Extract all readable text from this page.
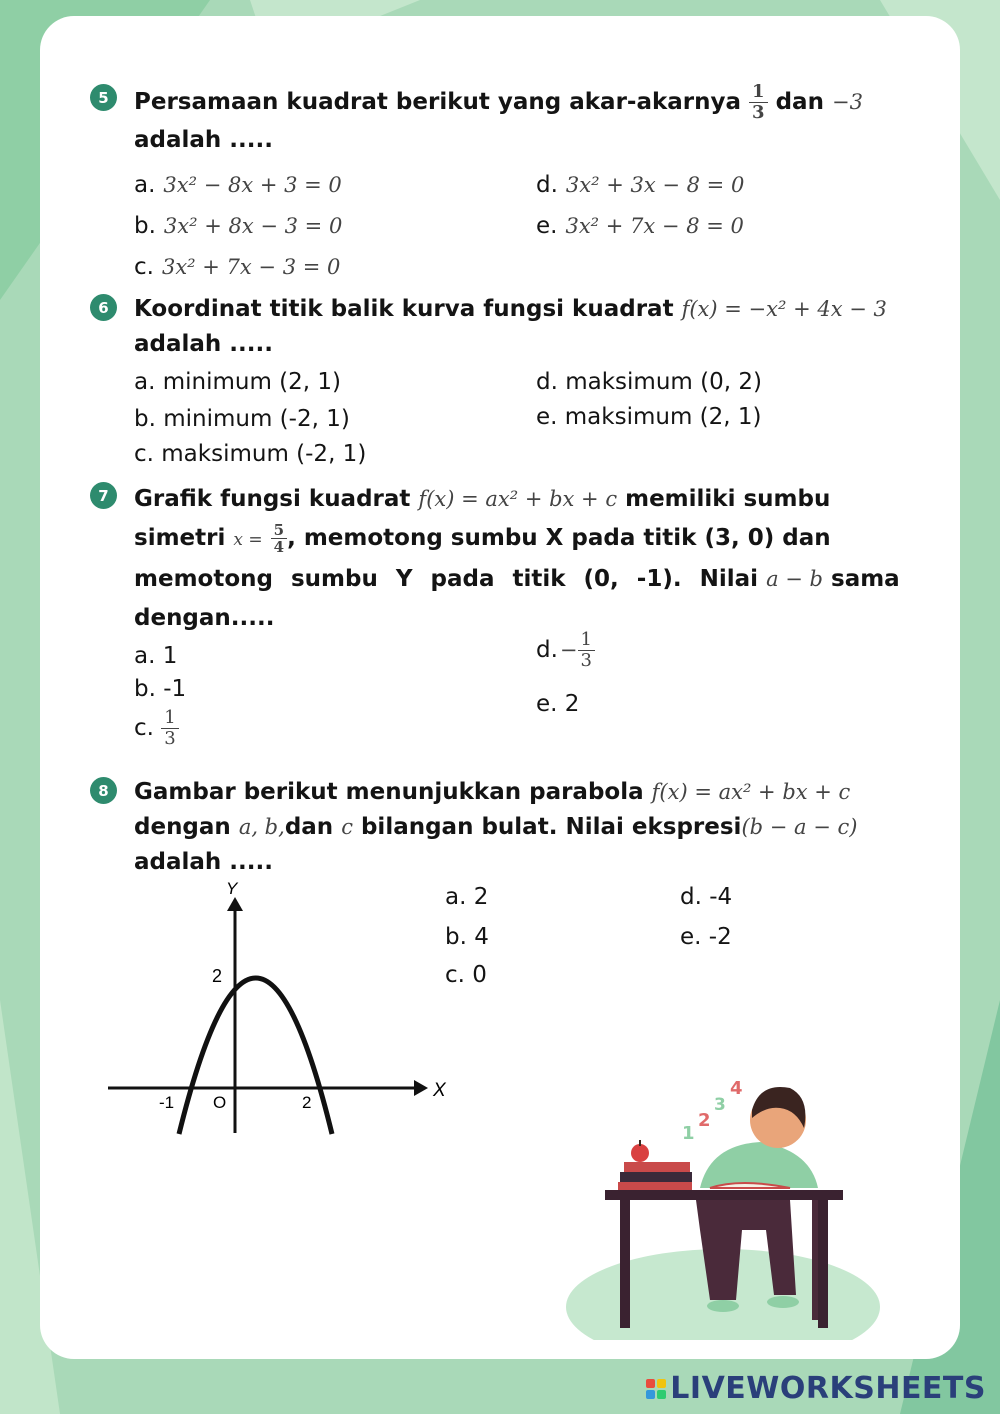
5	Persamaan kuadrat berikut yang akar-akarnya $\frac{1}{3}$ dan −3
adalah .....
a. 3x² − 8x + 3 = 0
b. 3x² + 8x − 3 = 0
c. 3x² + 7x − 3 = 0
d. 3x² + 3x − 8 = 0
e. 3x² + 7x − 8 = 0
6	Koordinat titik balik kurva fungsi kuadrat f(x) = −x² + 4x − 3
adalah .....
a. minimum (2, 1)
b. minimum (-2, 1)
c. maksimum (-2, 1)
d. maksimum (0, 2)
e. maksimum (2, 1)
7	Grafik fungsi kuadrat f(x) = ax² + bx + c memiliki sumbu
simetri $x = \frac{5}{4}$ , memotong sumbu X pada titik (3, 0) dan
memotong sumbu Y pada titik (0, -1). Nilai a − b sama
dengan.....
a. 1
b. -1
c. $\frac{1}{3}$
$d.- \frac{1}{3}$
e. 2
8	Gambar berikut menunjukkan parabola f(x) = ax² + bx + c
dengan a, b,dan c bilangan bulat. Nilai ekspresi(b − a − c)
adalah .....
a. 2
b. 4
c. 0
d. -4
e. -2
Y
X
2
-1 O	2
1
2
3
4
LIVEWORKSHEETS
